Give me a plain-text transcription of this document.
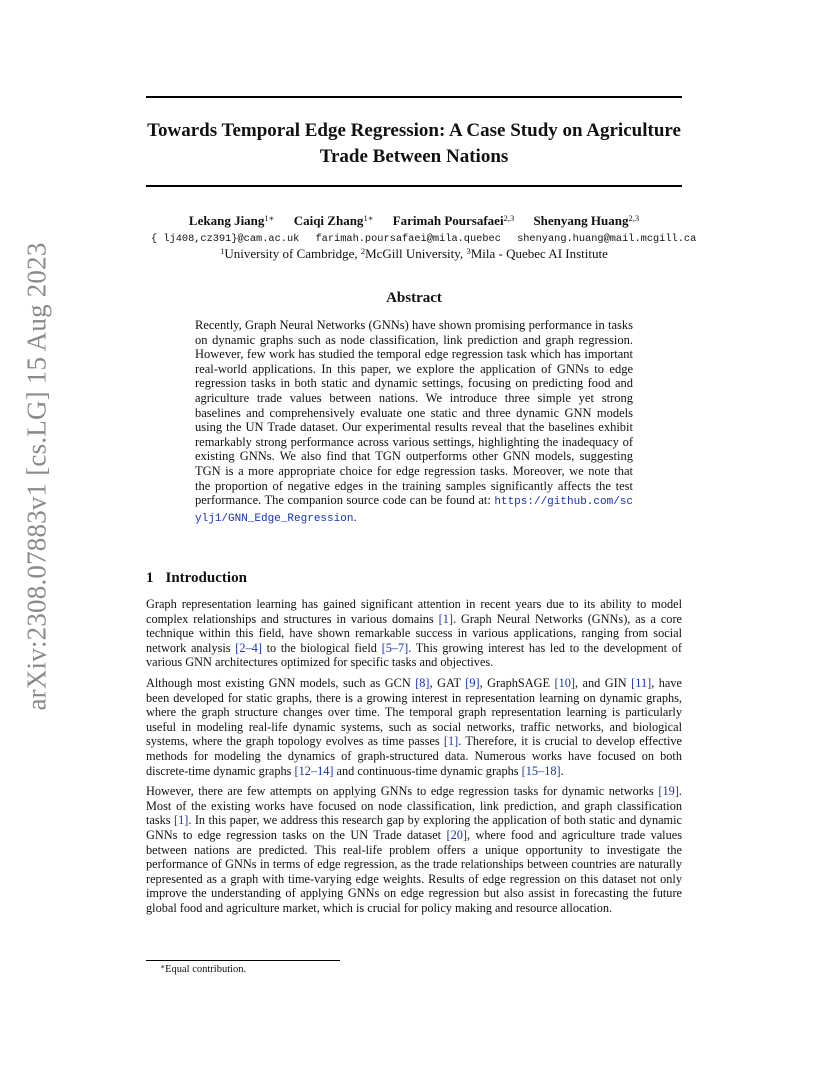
arXiv:2308.07883v1 [cs.LG] 15 Aug 2023
Towards Temporal Edge Regression: A Case Study on Agriculture Trade Between Nations
Lekang Jiang$^{1∗}$ Caiqi Zhang$^{1∗}$ Farimah Poursafaei$^{2,3}$ Shenyang Huang$^{2,3}$
{ lj408,cz391}@cam.ac.uk farimah.poursafaei@mila.quebec shenyang.huang@mail.mcgill.ca
$^1$University of Cambridge, $^2$McGill University, $^3$Mila - Quebec AI Institute
Abstract
Recently, Graph Neural Networks (GNNs) have shown promising performance in tasks on dynamic graphs such as node classification, link prediction and graph regression. However, few work has studied the temporal edge regression task which has important real-world applications. In this paper, we explore the application of GNNs to edge regression tasks in both static and dynamic settings, focusing on predicting food and agriculture trade values between nations. We introduce three simple yet strong baselines and comprehensively evaluate one static and three dynamic GNN models using the UN Trade dataset. Our experimental results reveal that the baselines exhibit remarkably strong performance across various settings, highlighting the inadequacy of existing GNNs. We also find that TGN outperforms other GNN models, suggesting TGN is a more appropriate choice for edge regression tasks. Moreover, we note that the proportion of negative edges in the training samples significantly affects the test performance. The companion source code can be found at: https://github.com/scylj1/GNN_Edge_Regression.
1 Introduction

Graph representation learning has gained significant attention in recent years due to its ability to model complex relationships and structures in various domains [1]. Graph Neural Networks (GNNs), as a core technique within this field, have shown remarkable success in various applications, ranging from social network analysis [2–4] to the biological field [5–7]. This growing interest has led to the development of various GNN architectures optimized for specific tasks and objectives.

Although most existing GNN models, such as GCN [8], GAT [9], GraphSAGE [10], and GIN [11], have been developed for static graphs, there is a growing interest in representation learning on dynamic graphs, where the graph structure changes over time. The temporal graph representation learning is particularly useful in modeling real-life dynamic systems, such as social networks, traffic networks, and biological systems, where the graph topology evolves as time passes [1]. Therefore, it is crucial to develop effective methods for modeling the dynamics of graph-structured data. Numerous works have focused on both discrete-time dynamic graphs [12–14] and continuous-time dynamic graphs [15–18].

However, there are few attempts on applying GNNs to edge regression tasks for dynamic networks [19]. Most of the existing works have focused on node classification, link prediction, and graph classification tasks [1]. In this paper, we address this research gap by exploring the application of both static and dynamic GNNs to edge regression tasks on the UN Trade dataset [20], where food and agriculture trade values between nations are predicted. This real-life problem offers a unique opportunity to investigate the performance of GNNs in terms of edge regression, as the trade relationships between countries are naturally represented as a graph with time-varying edge weights. Results of edge regression on this dataset not only improve the understanding of applying GNNs on edge regression but also assist in forecasting the future global food and agriculture market, which is crucial for policy making and resource allocation.

∗Equal contribution.
